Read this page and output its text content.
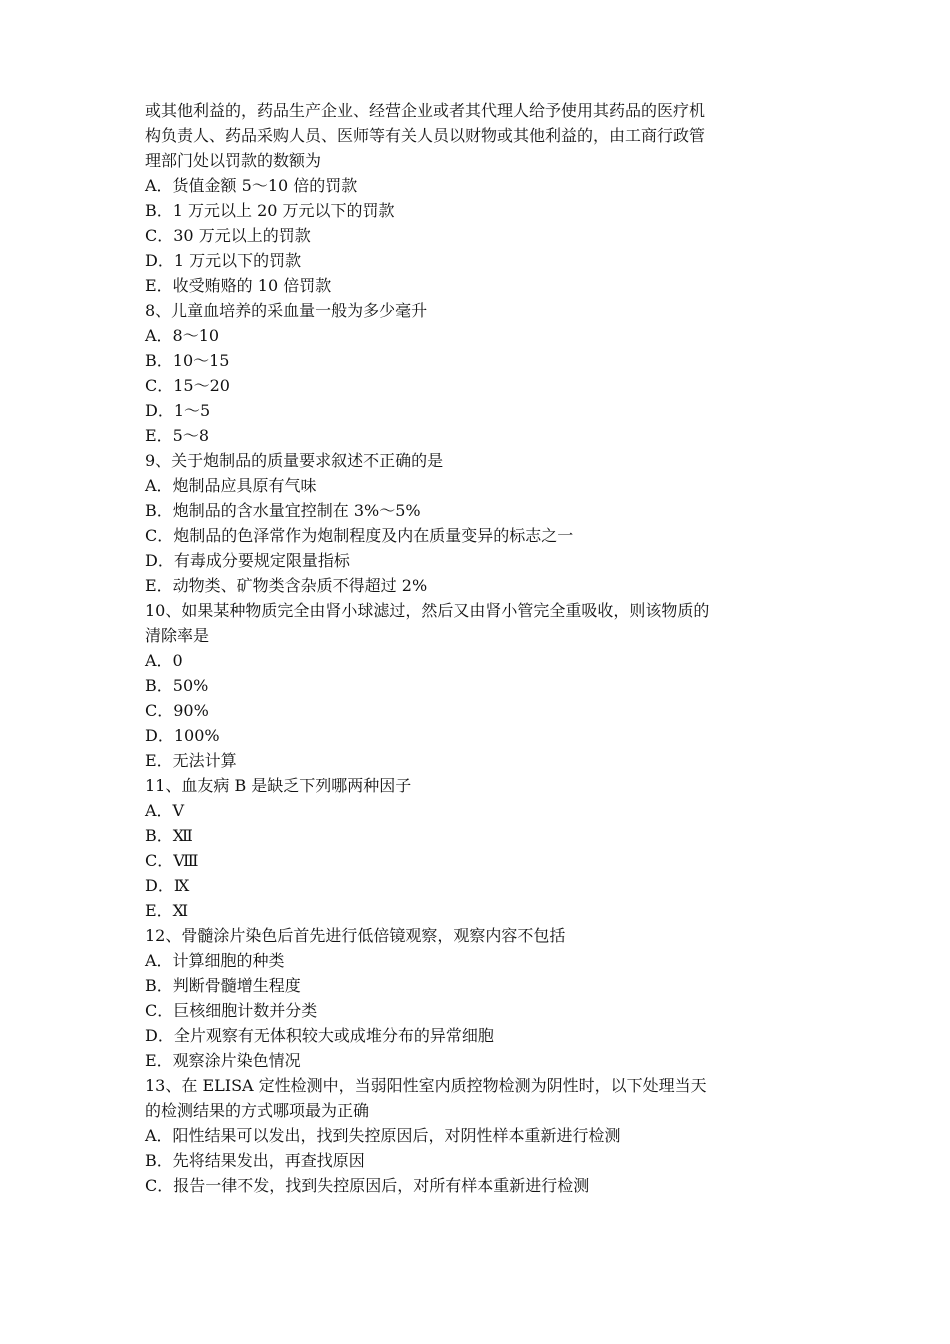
或其他利益的，药品生产企业、经营企业或者其代理人给予使用其药品的医疗机
构负责人、药品采购人员、医师等有关人员以财物或其他利益的，由工商行政管
理部门处以罚款的数额为
A．货值金额 5～10 倍的罚款
B．1 万元以上 20 万元以下的罚款
C．30 万元以上的罚款
D．1 万元以下的罚款
E．收受贿赂的 10 倍罚款
8、儿童血培养的采血量一般为多少毫升
A．8～10
B．10～15
C．15～20
D．1～5
E．5～8
9、关于炮制品的质量要求叙述不正确的是
A．炮制品应具原有气味
B．炮制品的含水量宜控制在 3%～5%
C．炮制品的色泽常作为炮制程度及内在质量变异的标志之一
D．有毒成分要规定限量指标
E．动物类、矿物类含杂质不得超过 2%
10、如果某种物质完全由肾小球滤过，然后又由肾小管完全重吸收，则该物质的
清除率是
A．0
B．50%
C．90%
D．100%
E．无法计算
11、血友病 B 是缺乏下列哪两种因子
A．Ⅴ
B．Ⅻ
C．Ⅷ
D．Ⅸ
E．Ⅺ
12、骨髓涂片染色后首先进行低倍镜观察，观察内容不包括
A．计算细胞的种类
B．判断骨髓增生程度
C．巨核细胞计数并分类
D．全片观察有无体积较大或成堆分布的异常细胞
E．观察涂片染色情况
13、在 ELISA 定性检测中，当弱阳性室内质控物检测为阴性时，以下处理当天
的检测结果的方式哪项最为正确
A．阳性结果可以发出，找到失控原因后，对阴性样本重新进行检测
B．先将结果发出，再查找原因
C．报告一律不发，找到失控原因后，对所有样本重新进行检测
